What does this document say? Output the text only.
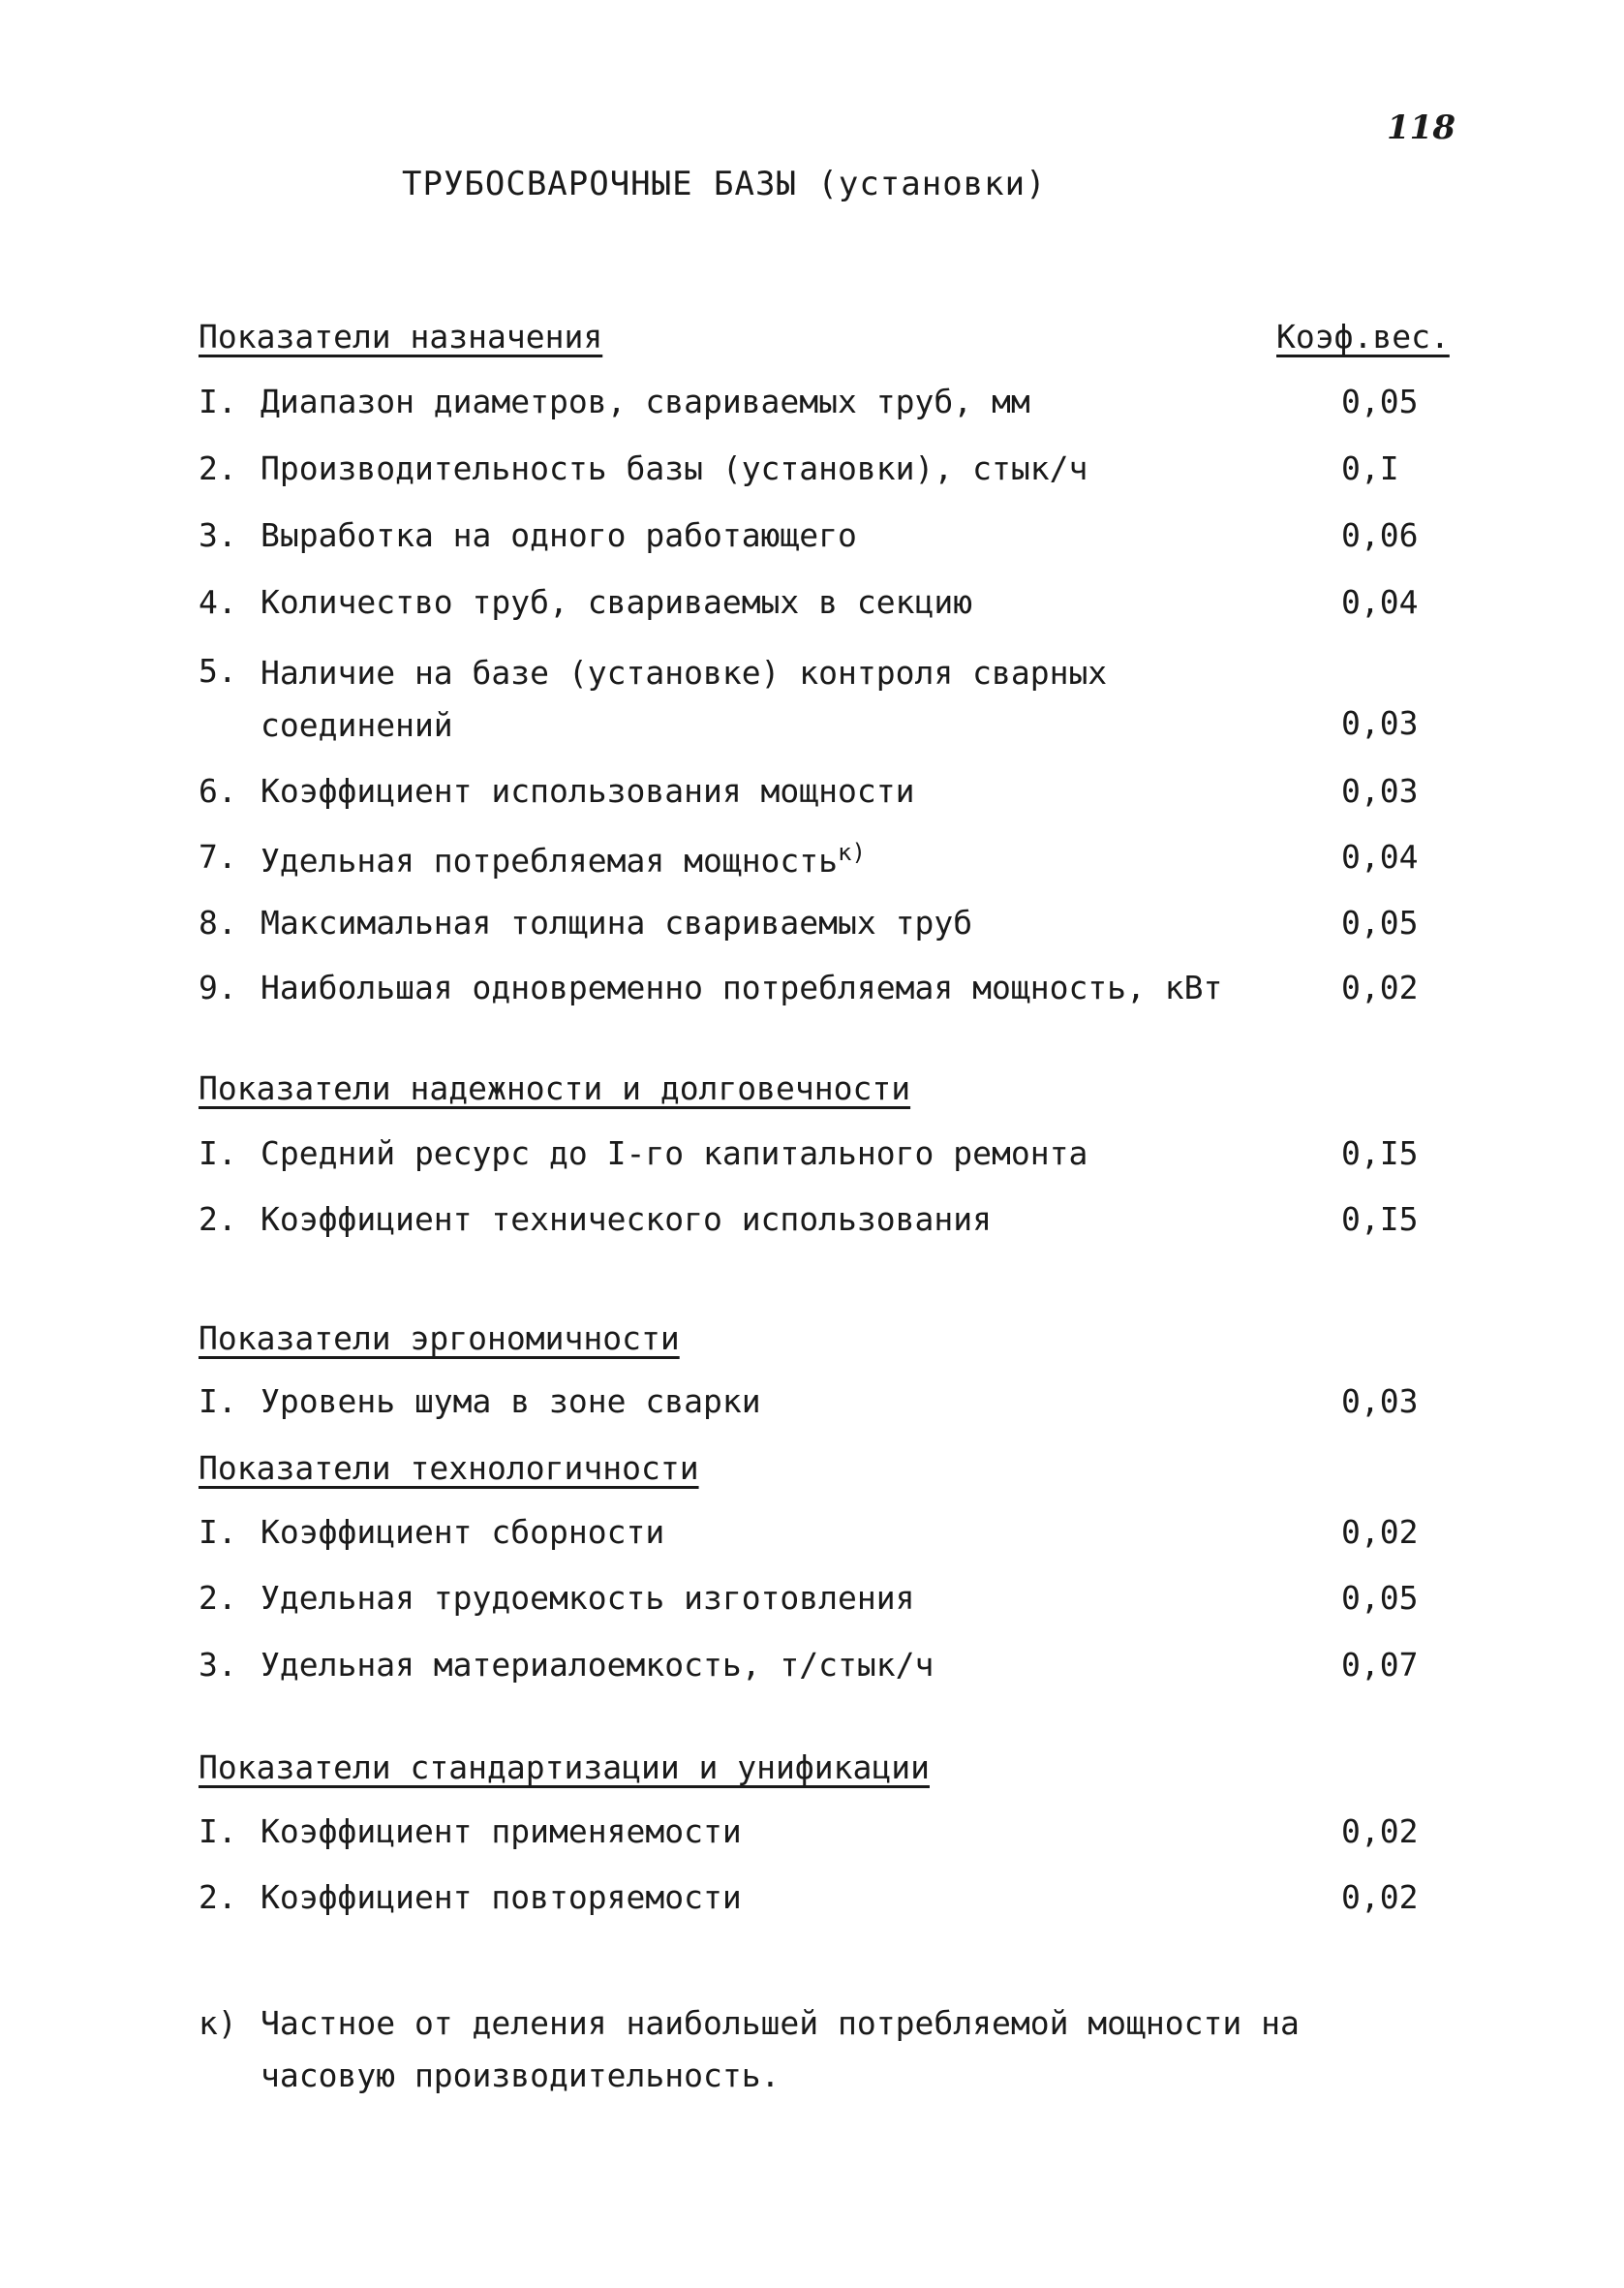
118
ТРУБОСВАРОЧНЫЕ БАЗЫ (установки)
Показатели назначения	Коэф.вес.
I. Диапазон диаметров, свариваемых труб, мм	0,05
2. Производительность базы (установки), стык/ч	0,I
3. Выработка на одного работающего	0,06
4. Количество труб, свариваемых в секцию	0,04
5. Наличие на базе (установке) контроля сварных соединений	0,03
6. Коэффициент использования мощности	0,03
7. Удельная потребляемая мощность$^{к)}$	0,04
8. Максимальная толщина свариваемых труб	0,05
9. Наибольшая одновременно потребляемая мощность, кВт	0,02
Показатели надежности и долговечности
I. Средний ресурс до I-го капитального ремонта	0,I5
2. Коэффициент технического использования	0,I5
Показатели эргономичности
I. Уровень шума в зоне сварки	0,03
Показатели технологичности
I. Коэффициент сборности	0,02
2. Удельная трудоемкость изготовления	0,05
3. Удельная материалоемкость, т/стык/ч	0,07
Показатели стандартизации и унификации
I. Коэффициент применяемости	0,02
2. Коэффициент повторяемости	0,02
к) Частное от деления наибольшей потребляемой мощности на часовую производительность.
